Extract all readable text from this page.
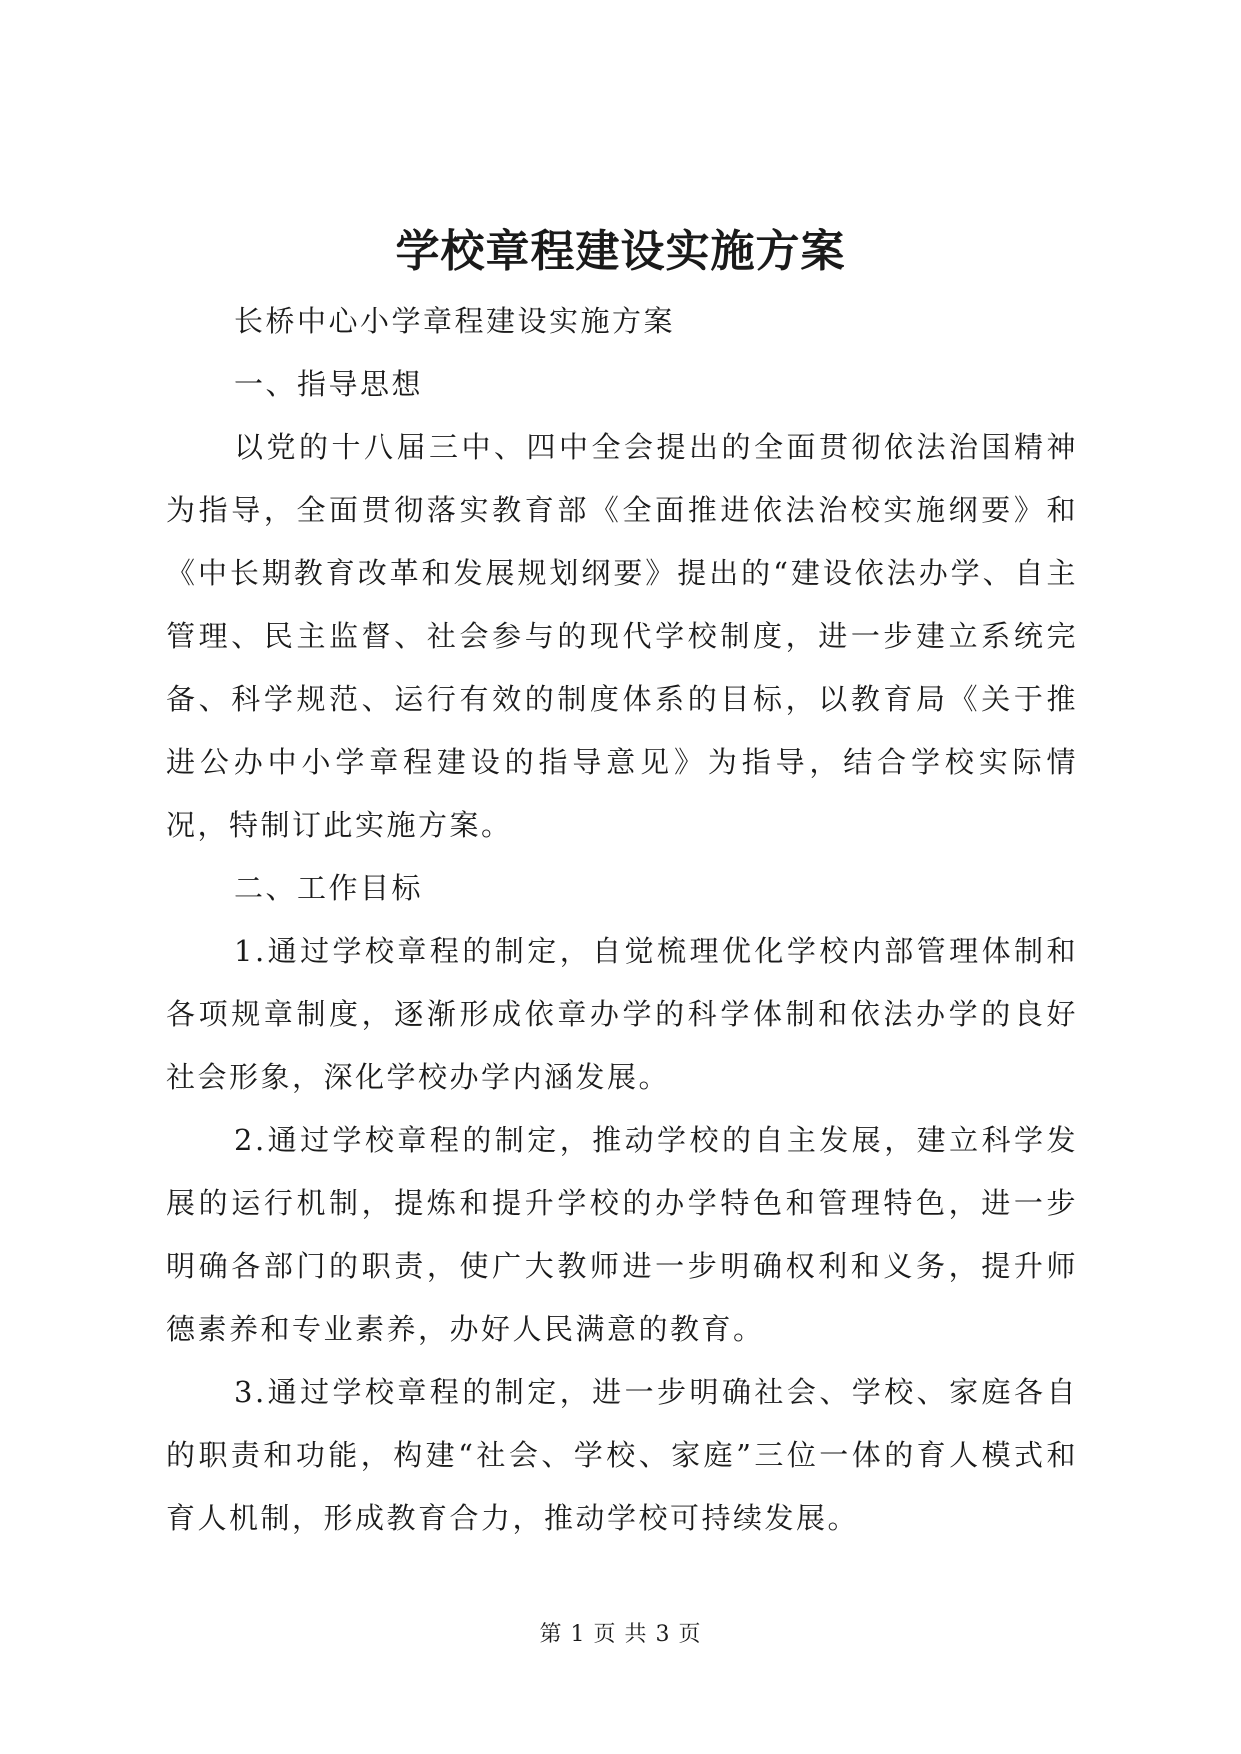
学校章程建设实施方案

长桥中心小学章程建设实施方案

一、指导思想

以党的十八届三中、四中全会提出的全面贯彻依法治国精神为指导，全面贯彻落实教育部《全面推进依法治校实施纲要》和《中长期教育改革和发展规划纲要》提出的“建设依法办学、自主管理、民主监督、社会参与的现代学校制度，进一步建立系统完备、科学规范、运行有效的制度体系的目标，以教育局《关于推进公办中小学章程建设的指导意见》为指导，结合学校实际情况，特制订此实施方案。

二、工作目标

1.通过学校章程的制定，自觉梳理优化学校内部管理体制和各项规章制度，逐渐形成依章办学的科学体制和依法办学的良好社会形象，深化学校办学内涵发展。

2.通过学校章程的制定，推动学校的自主发展，建立科学发展的运行机制，提炼和提升学校的办学特色和管理特色，进一步明确各部门的职责，使广大教师进一步明确权利和义务，提升师德素养和专业素养，办好人民满意的教育。

3.通过学校章程的制定，进一步明确社会、学校、家庭各自的职责和功能，构建“社会、学校、家庭”三位一体的育人模式和育人机制，形成教育合力，推动学校可持续发展。

第 1 页 共 3 页
